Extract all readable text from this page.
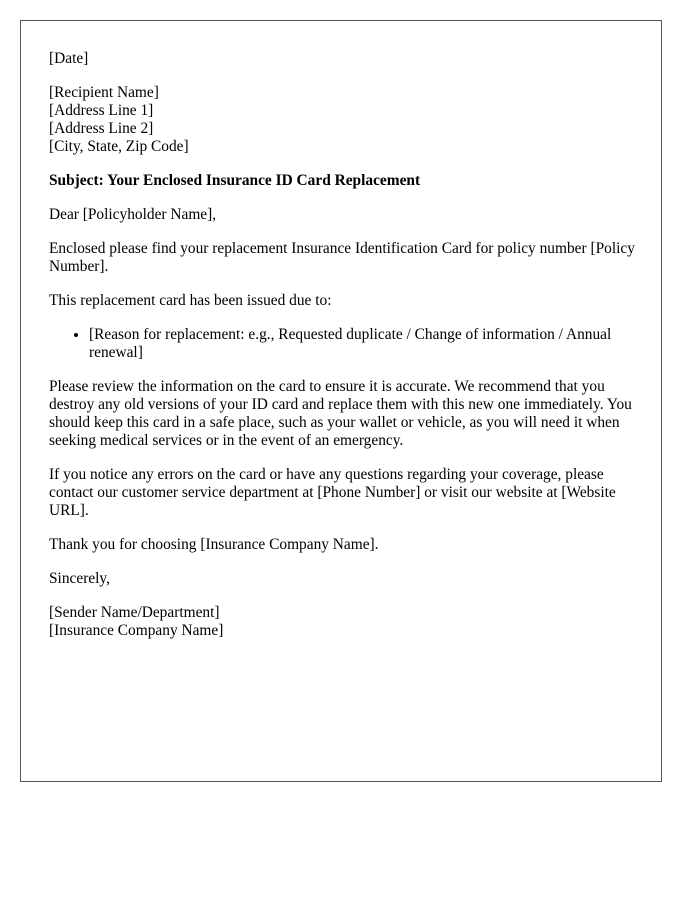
[Date]

[Recipient Name]
[Address Line 1]
[Address Line 2]
[City, State, Zip Code]

Subject: Your Enclosed Insurance ID Card Replacement

Dear [Policyholder Name],

Enclosed please find your replacement Insurance Identification Card for policy number [Policy Number].

This replacement card has been issued due to:

• [Reason for replacement: e.g., Requested duplicate / Change of information / Annual renewal]

Please review the information on the card to ensure it is accurate. We recommend that you destroy any old versions of your ID card and replace them with this new one immediately. You should keep this card in a safe place, such as your wallet or vehicle, as you will need it when seeking medical services or in the event of an emergency.

If you notice any errors on the card or have any questions regarding your coverage, please contact our customer service department at [Phone Number] or visit our website at [Website URL].

Thank you for choosing [Insurance Company Name].

Sincerely,

[Sender Name/Department]
[Insurance Company Name]
